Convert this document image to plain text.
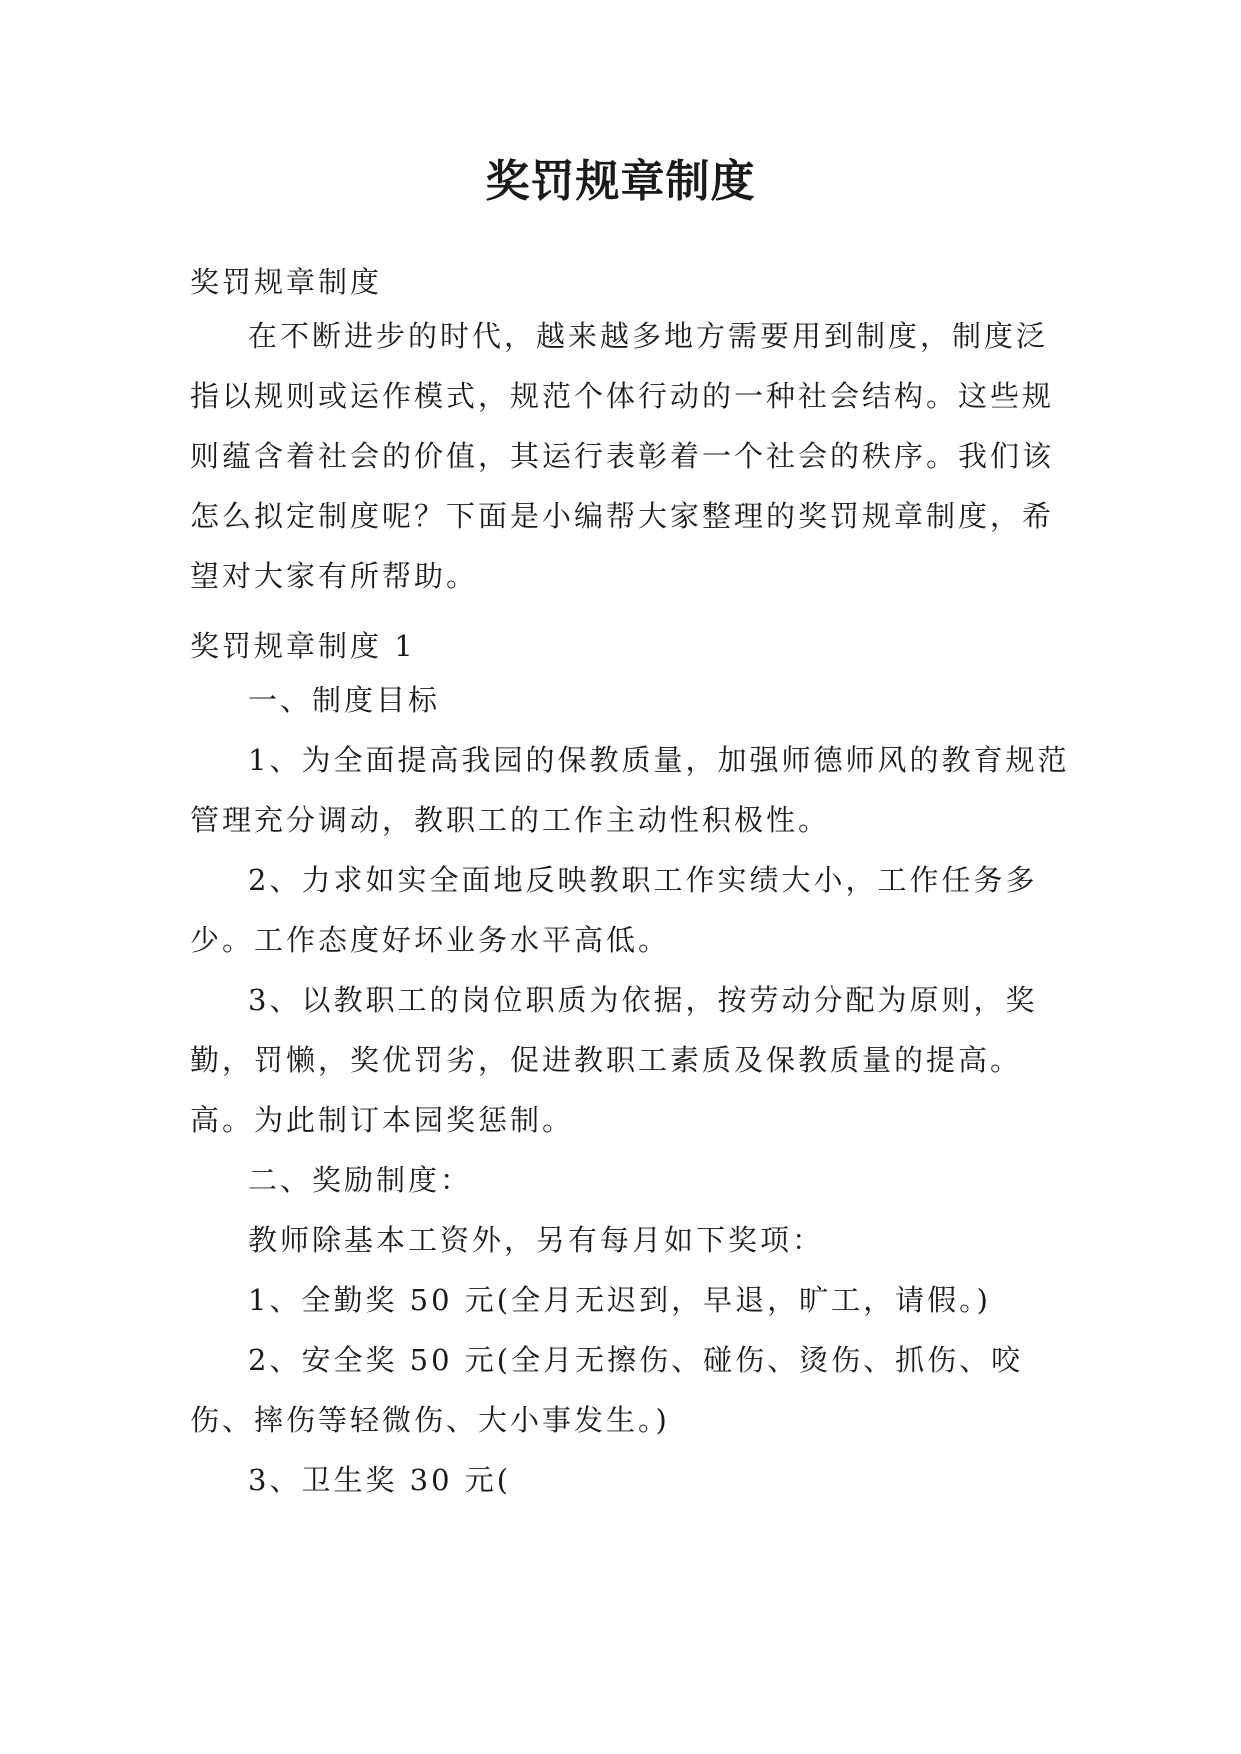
奖罚规章制度
奖罚规章制度

在不断进步的时代，越来越多地方需要用到制度，制度泛指以规则或运作模式，规范个体行动的一种社会结构。这些规则蕴含着社会的价值，其运行表彰着一个社会的秩序。我们该怎么拟定制度呢？下面是小编帮大家整理的奖罚规章制度，希望对大家有所帮助。

奖罚规章制度 1

一、制度目标

1、为全面提高我园的保教质量，加强师德师风的教育规范管理充分调动，教职工的工作主动性积极性。

2、力求如实全面地反映教职工作实绩大小，工作任务多少。工作态度好坏业务水平高低。

3、以教职工的岗位职质为依据，按劳动分配为原则，奖勤，罚懒，奖优罚劣，促进教职工素质及保教质量的提高。高。为此制订本园奖惩制。

二、奖励制度：

教师除基本工资外，另有每月如下奖项：

1、全勤奖 50 元(全月无迟到，早退，旷工，请假。)

2、安全奖 50 元(全月无擦伤、碰伤、烫伤、抓伤、咬伤、摔伤等轻微伤、大小事发生。)

3、卫生奖 30 元(
